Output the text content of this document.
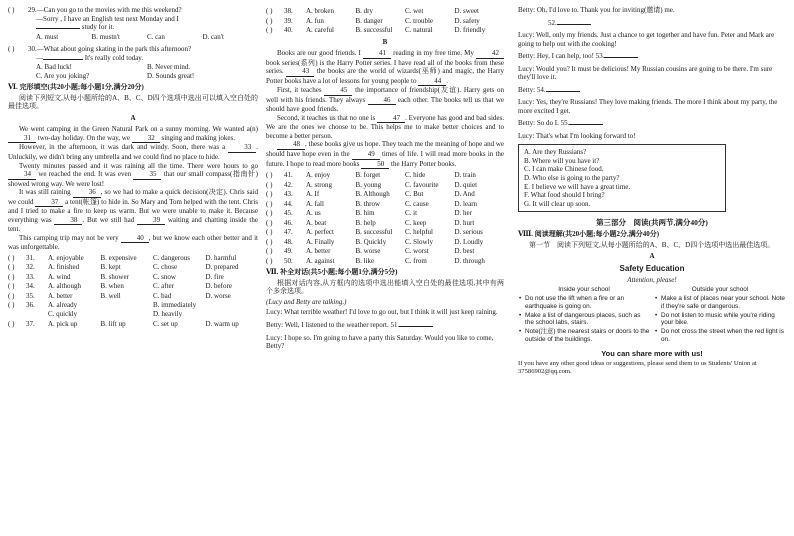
( )	29. —Can you go to the movies with me this weekend?
—Sorry , I have an English test next Monday and I
study for it.
A. must	B. mustn't	C. can	D. can't
( )	30. —What about going skating in the park this afternoon?
—	It's really cold today.
A. Bad luck!	B. Never mind.
C. Are you joking?	D. Sounds great!
Ⅵ. 完形填空(共20小题;每小题1分,满分20分)

阅读下列短文,从每小题所给的A、B、C、D四个选项中选出可以填入空白处的最佳选项。

A

We went camping in the Green Natural Park on a sunny morning. We wanted a(n) 31 two-day holiday. On the way, we 32 singing and making jokes.

However, in the afternoon, it was dark and windy. Soon, there was a 33 . Unluckily, we didn't bring any umbrella and we could find no place to hide.

Twenty minutes passed and it was raining all the time. There were hours to go 34 we reached the end. It was even 35 that our small compass(指南针) showed wrong way. We were lost!

It was still raining 36 , so we had to make a quick decision(决定). Chris said we could 37 a tent(帐篷) to hide in. So Mary and Tom helped with the tent. Chris and I tried to make a fire to keep us warm. But we were unable to make it. Because everything was 38 . But we still had 39 waiting and chatting inside the tent.

This camping trip may not be very 40 , but we know each other better and it was unforgettable.

( )	31.	A. enjoyable	B. expensive	C. dangerous	D. harmful
( )	32.	A. finished	B. kept	C. chose	D. prepared
( )	33.	A. wind	B. shower	C. snow	D. fire
( )	34.	A. although	B. when	C. after	D. before
( )	35.	A. better	B. well	C. bad	D. worse
( )	36.	A. already	B. immediately
C. quickly	D. heavily
( )	37.	A. pick up	B. lift up	C. set up	D. warm up
( )	38.	A. broken	B. dry	C. wet	D. sweet
( )	39.	A. fun	B. danger	C. trouble	D. safety
( )	40.	A. careful	B. successful	C. natural	D. friendly
B

Books are our good friends. I 41 reading in my free time. My 42 book series(系列) is the Harry Potter series. I have read all of the books from these series. 43 the books are the world of wizards(巫师) and magic, the Harry Potter books have a lot of lessons for young people to 44 .

First, it teaches 45 the importance of friendship(友谊). Harry gets on well with his friends. They always 46 each other. The books tell us that we should have good friends.

Second, it teaches us that no one is 47 . Everyone has good and bad sides. We are the ones we choose to be. This helps me to make better choices and to become a better person.

48 , these books give us hope. They teach me the meaning of hope and we should have hope even in the 49 times of life. I will read more books in the future. I hope to read more books 50 the Harry Potter books.

( )	41.	A. enjoy	B. forget	C. hide	D. train
( )	42.	A. strong	B. young	C. favourite	D. quiet
( )	43.	A. If	B. Although	C. But	D. And
( )	44.	A. fall	B. throw	C. cause	D. learn
( )	45.	A. us	B. him	C. it	D. her
( )	46.	A. beat	B. help	C. keep	D. hurt
( )	47.	A. perfect	B. successful	C. helpful	D. serious
( )	48.	A. Finally	B. Quickly	C. Slowly	D. Loudly
( )	49.	A. better	B. worse	C. worst	D. best
( )	50.	A. against	B. like	C. from	D. through
Ⅶ. 补全对话(共5小题;每小题1分,满分5分)

根据对话内容,从方框内的选项中选出能填入空白处的最佳选项,其中有两个多余选项。

(Lucy and Betty are talking.)

Lucy: What terrible weather! I'd love to go out, but I think it will just keep raining.

Betty: Well, I listened to the weather report. 51.

Lucy: I hope so. I'm going to have a party this Saturday. Would you like to come, Betty?

Betty: Oh, I'd love to. Thank you for inviting(邀请) me.

52.

Lucy: Well, only my friends. Just a chance to get together and have fun. Peter and Mark are going to help out with the cooking!

Betty: Hey, I can help, too! 53.

Lucy: Would you? It must be delicious! My Russian cousins are going to be there. I'm sure they'll love it.

Betty: 54.

Lucy: Yes, they're Russians! They love making friends. The more I think about my party, the more excited I get.

Betty: So do I. 55.

Lucy: That's what I'm looking forward to!

A. Are they Russians?
B. Where will you have it?
C. I can make Chinese food.
D. Who else is going to the party?
E. I believe we will have a great time.
F. What food should I bring?
G. It will clear up soon.
第三部分　阅读(共两节,满分40分)
Ⅷ. 阅读理解(共20小题;每小题2分,满分40分)

第一节　阅读下列短文,从每小题所给的A、B、C、D四个选项中选出最佳选项。

A
Safety Education
Attention, please!
Inside your school
• Do not use the lift when a fire or an earthquake is going on.
• Make a list of dangerous places, such as the school labs, stairs.
• Note(注意) the nearest stairs or doors to the outside of the buildings.
Outside your school
• Make a list of places near your school. Note if they're safe or dangerous.
• Do not listen to music while you're riding your bike.
• Do not cross the street when the red light is on.
You can share more with us!

If you have any other good ideas or suggestions, please send them to us Students' Union at 37586902@qq.com.
